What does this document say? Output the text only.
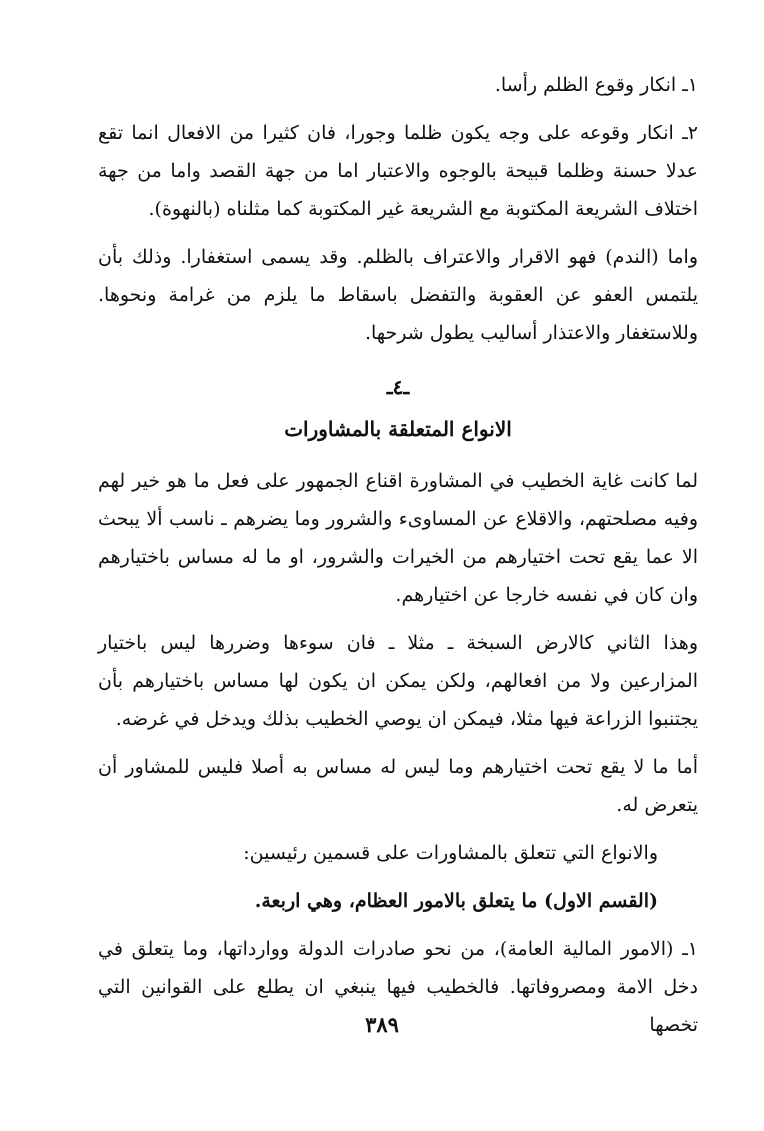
١ـ انكار وقوع الظلم رأسا.

٢ـ انكار وقوعه على وجه يكون ظلما وجورا، فان كثيرا من الافعال انما تقع عدلا حسنة وظلما قبيحة بالوجوه والاعتبار اما من جهة القصد واما من جهة اختلاف الشريعة المكتوبة مع الشريعة غير المكتوبة كما مثلناه (بالنهوة).

واما (الندم) فهو الاقرار والاعتراف بالظلم. وقد يسمى استغفارا. وذلك بأن يلتمس العفو عن العقوبة والتفضل باسقاط ما يلزم من غرامة ونحوها. وللاستغفار والاعتذار أساليب يطول شرحها.

ـ٤ـ
الانواع المتعلقة بالمشاورات

لما كانت غاية الخطيب في المشاورة اقناع الجمهور على فعل ما هو خير لهم وفيه مصلحتهم، والاقلاع عن المساوىء والشرور وما يضرهم ـ ناسب ألا يبحث الا عما يقع تحت اختيارهم من الخيرات والشرور، او ما له مساس باختيارهم وان كان في نفسه خارجا عن اختيارهم.

وهذا الثاني كالارض السبخة ـ مثلا ـ فان سوءها وضررها ليس باختيار المزارعين ولا من افعالهم، ولكن يمكن ان يكون لها مساس باختيارهم بأن يجتنبوا الزراعة فيها مثلا، فيمكن ان يوصي الخطيب بذلك ويدخل في غرضه.

أما ما لا يقع تحت اختيارهم وما ليس له مساس به أصلا فليس للمشاور أن يتعرض له.

والانواع التي تتعلق بالمشاورات على قسمين رئيسين:

(القسم الاول) ما يتعلق بالامور العظام، وهي اربعة.

١ـ (الامور المالية العامة)، من نحو صادرات الدولة ووارداتها، وما يتعلق في دخل الامة ومصروفاتها. فالخطيب فيها ينبغي ان يطلع على القوانين التي تخصها

٣٨٩
